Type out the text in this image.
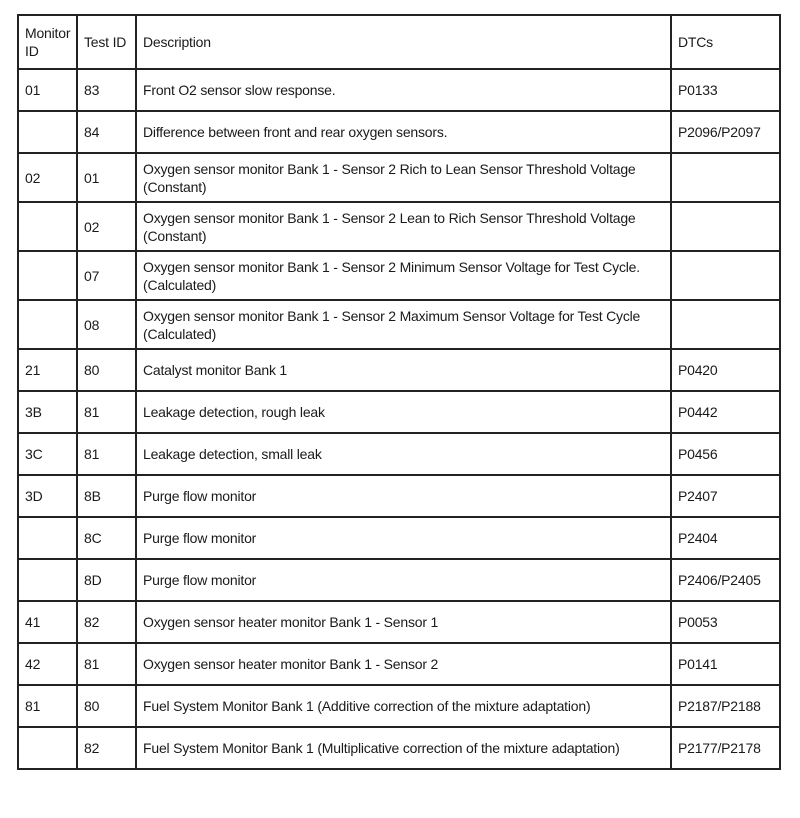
Monitor ID	Test ID	Description	DTCs
01	83	Front O2 sensor slow response.	P0133
	84	Difference between front and rear oxygen sensors.	P2096/P2097
02	01	Oxygen sensor monitor Bank 1 - Sensor 2 Rich to Lean Sensor Threshold Voltage (Constant)	
	02	Oxygen sensor monitor Bank 1 - Sensor 2 Lean to Rich Sensor Threshold Voltage (Constant)	
	07	Oxygen sensor monitor Bank 1 - Sensor 2 Minimum Sensor Voltage for Test Cycle. (Calculated)	
	08	Oxygen sensor monitor Bank 1 - Sensor 2 Maximum Sensor Voltage for Test Cycle (Calculated)	
21	80	Catalyst monitor Bank 1	P0420
3B	81	Leakage detection, rough leak	P0442
3C	81	Leakage detection, small leak	P0456
3D	8B	Purge flow monitor	P2407
	8C	Purge flow monitor	P2404
	8D	Purge flow monitor	P2406/P2405
41	82	Oxygen sensor heater monitor Bank 1 - Sensor 1	P0053
42	81	Oxygen sensor heater monitor Bank 1 - Sensor 2	P0141
81	80	Fuel System Monitor Bank 1 (Additive correction of the mixture adaptation)	P2187/P2188
	82	Fuel System Monitor Bank 1 (Multiplicative correction of the mixture adaptation)	P2177/P2178
